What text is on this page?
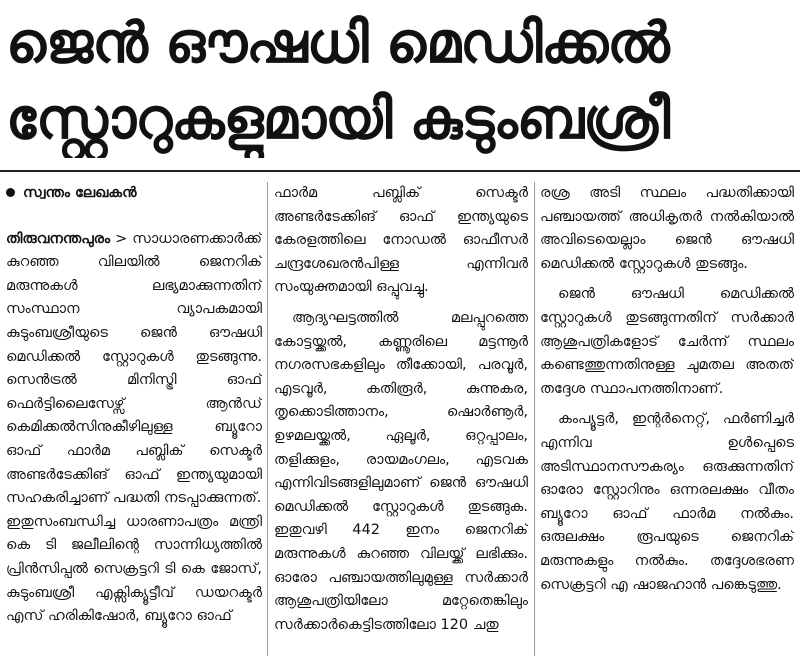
ജെൻ ഔഷധി മെഡിക്കൽ
സ്റ്റോറുകളുമായി കുടുംബശ്രീ
സ്വന്തം ലേഖകൻ

തിരുവനന്തപുരം > സാധാരണക്കാർക്ക് കുറഞ്ഞ വിലയിൽ ജെനറിക് മരുന്നുകൾ ലഭ്യമാക്കുന്നതിന് സംസ്ഥാന വ്യാപകമായി കുടുംബശ്രീയുടെ ജെൻ ഔഷധി മെഡിക്കൽ സ്റ്റോറുകൾ തുടങ്ങുന്നു. സെൻട്രൽ മിനിസ്ട്രി ഓഫ് ഫെർട്ടിലൈസേഴ്സ് ആൻഡ് കെമിക്കൽസിനുകീഴിലുള്ള ബ്യൂറോ ഓഫ് ഫാർമ പബ്ലിക് സെക്ടർ അണ്ടർടേക്കിങ് ഓഫ് ഇന്ത്യയുമായി സഹകരിച്ചാണ് പദ്ധതി നടപ്പാക്കുന്നത്.

ഇതുസംബന്ധിച്ച ധാരണാപത്രം മന്ത്രി കെ ടി ജലീലിന്റെ സാന്നിധ്യത്തിൽ പ്രിൻസിപ്പൽ സെക്രട്ടറി ടി കെ ജോസ്, കുടുംബശ്രീ എക്സിക്യൂട്ടീവ് ഡയറക്ടർ എസ് ഹരികിഷോർ, ബ്യൂറോ ഓഫ്

ഫാർമ പബ്ലിക് സെക്ടർ അണ്ടർടേക്കിങ് ഓഫ് ഇന്ത്യയുടെ കേരളത്തിലെ നോഡൽ ഓഫീസർ ചന്ദ്രശേഖരൻപിള്ള എന്നിവർ സംയുക്തമായി ഒപ്പുവച്ചു.

ആദ്യഘട്ടത്തിൽ മലപ്പുറത്തെ കോട്ടയ്ക്കൽ, കണ്ണൂരിലെ മട്ടന്നൂർ നഗരസഭകളിലും തീക്കോയി, പരവൂർ, എടവൂർ, കതിരൂർ, കുന്നുകര, തൃക്കൊടിത്താനം, ഷൊർണൂർ, ഉഴമലയ്ക്കൽ, ഏലൂർ, ഒറ്റപ്പാലം, തളിക്കുളം, രായമംഗലം, എടവക എന്നിവിടങ്ങളിലുമാണ് ജെൻ ഔഷധി മെഡിക്കൽ സ്റ്റോറുകൾ തുടങ്ങുക. ഇതുവഴി 442 ഇനം ജെനറിക് മരുന്നുകൾ കുറഞ്ഞ വിലയ്ക്ക് ലഭിക്കും. ഓരോ പഞ്ചായത്തിലുമുള്ള സർക്കാർ ആശുപത്രിയിലോ മറ്റേതെങ്കിലും സർക്കാർകെട്ടിടത്തിലോ 120 ചതു

രശ്ര അടി സ്ഥലം പദ്ധതിക്കായി പഞ്ചായത്ത് അധികൃതർ നൽകിയാൽ അവിടെയെല്ലാം ജെൻ ഔഷധി മെഡിക്കൽ സ്റ്റോറുകൾ തുടങ്ങും.

ജെൻ ഔഷധി മെഡിക്കൽ സ്റ്റോറുകൾ തുടങ്ങുന്നതിന് സർക്കാർ ആശുപത്രികളോട് ചേർന്ന് സ്ഥലം കണ്ടെത്തുന്നതിനുള്ള ചുമതല അതത് തദ്ദേശ സ്ഥാപനത്തിനാണ്.

കംപ്യൂട്ടർ, ഇന്റർനെറ്റ്, ഫർണിച്ചർ എന്നിവ ഉൾപ്പെടെ അടിസ്ഥാനസൗകര്യം ഒരുക്കുന്നതിന് ഓരോ സ്റ്റോറിനും ഒന്നരലക്ഷം വീതം ബ്യൂറോ ഓഫ് ഫാർമ നൽകും. ഒരുലക്ഷം രൂപയുടെ ജെനറിക് മരുന്നുകളും നൽകും. തദ്ദേശഭരണ സെക്രട്ടറി എ ഷാജഹാൻ പങ്കെടുത്തു.
